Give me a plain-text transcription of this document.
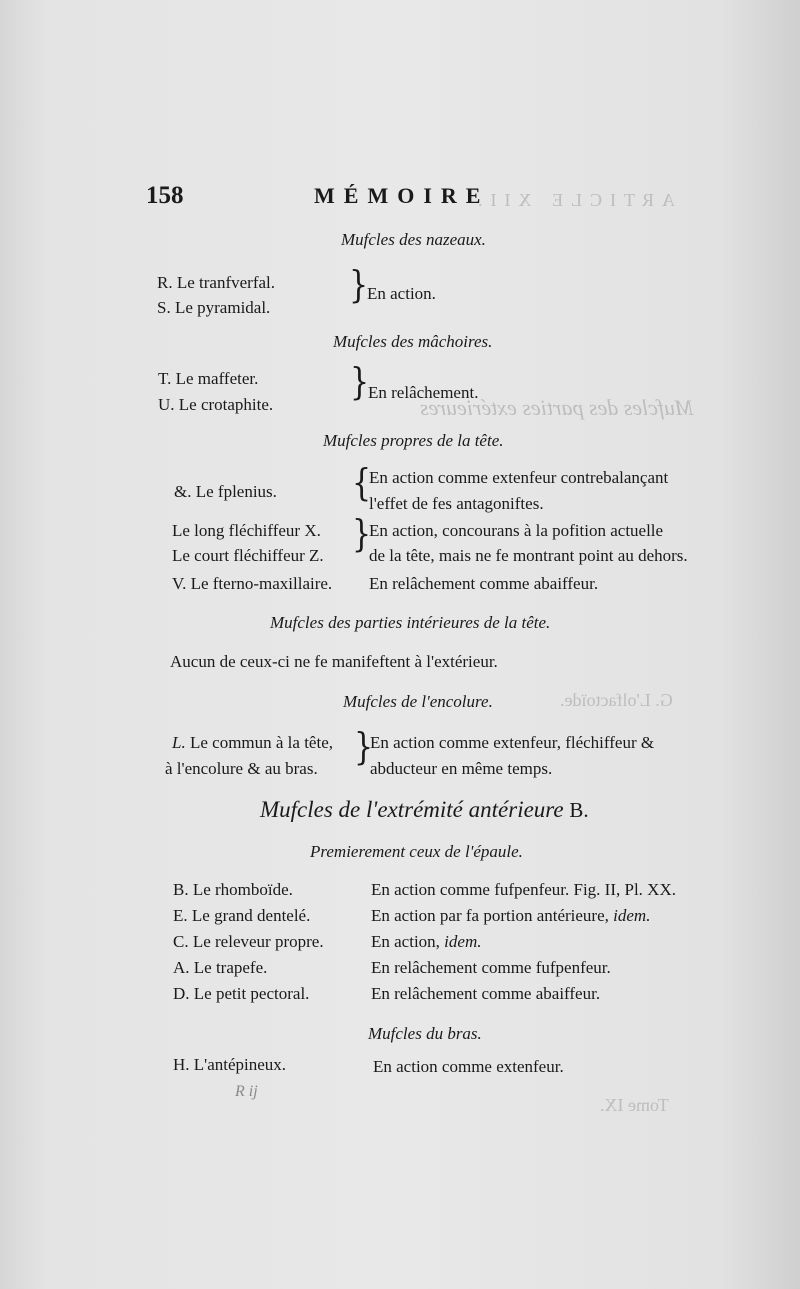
ARTICLE XII.
Mufcles des parties extérieures
G. L'olfactoïde.
Tome IX.
158	MÉMOIRE
Mufcles des nazeaux.
R. Le tranfverfal.
S. Le pyramidal.
}
En action.
Mufcles des mâchoires.
T. Le maffeter.
U. Le crotaphite.
}
En relâchement.
Mufcles propres de la tête.
&. Le fplenius.	{
En action comme extenfeur contrebalançant
l'effet de fes antagoniftes.
Le long fléchiffeur X.
Le court fléchiffeur Z. }
En action, concourans à la pofition actuelle
de la tête, mais ne fe montrant point au dehors.
V. Le fterno-maxillaire. En relâchement comme abaiffeur.
Mufcles des parties intérieures de la tête.
Aucun de ceux-ci ne fe manifeftent à l'extérieur.
Mufcles de l'encolure.
L. Le commun à la tête,
à l'encolure & au bras. }
En action comme extenfeur, fléchiffeur &
abducteur en même temps.
Mufcles de l'extrémité antérieure B.
Premierement ceux de l'épaule.
B. Le rhomboïde.	En action comme fufpenfeur. Fig. II, Pl. XX.
E. Le grand dentelé.	En action par fa portion antérieure, idem.
C. Le releveur propre.	En action, idem.
A. Le trapefe.	En relâchement comme fufpenfeur.
D. Le petit pectoral.	En relâchement comme abaiffeur.
Mufcles du bras.
H. L'antépineux.	En action comme extenfeur.
R ij
